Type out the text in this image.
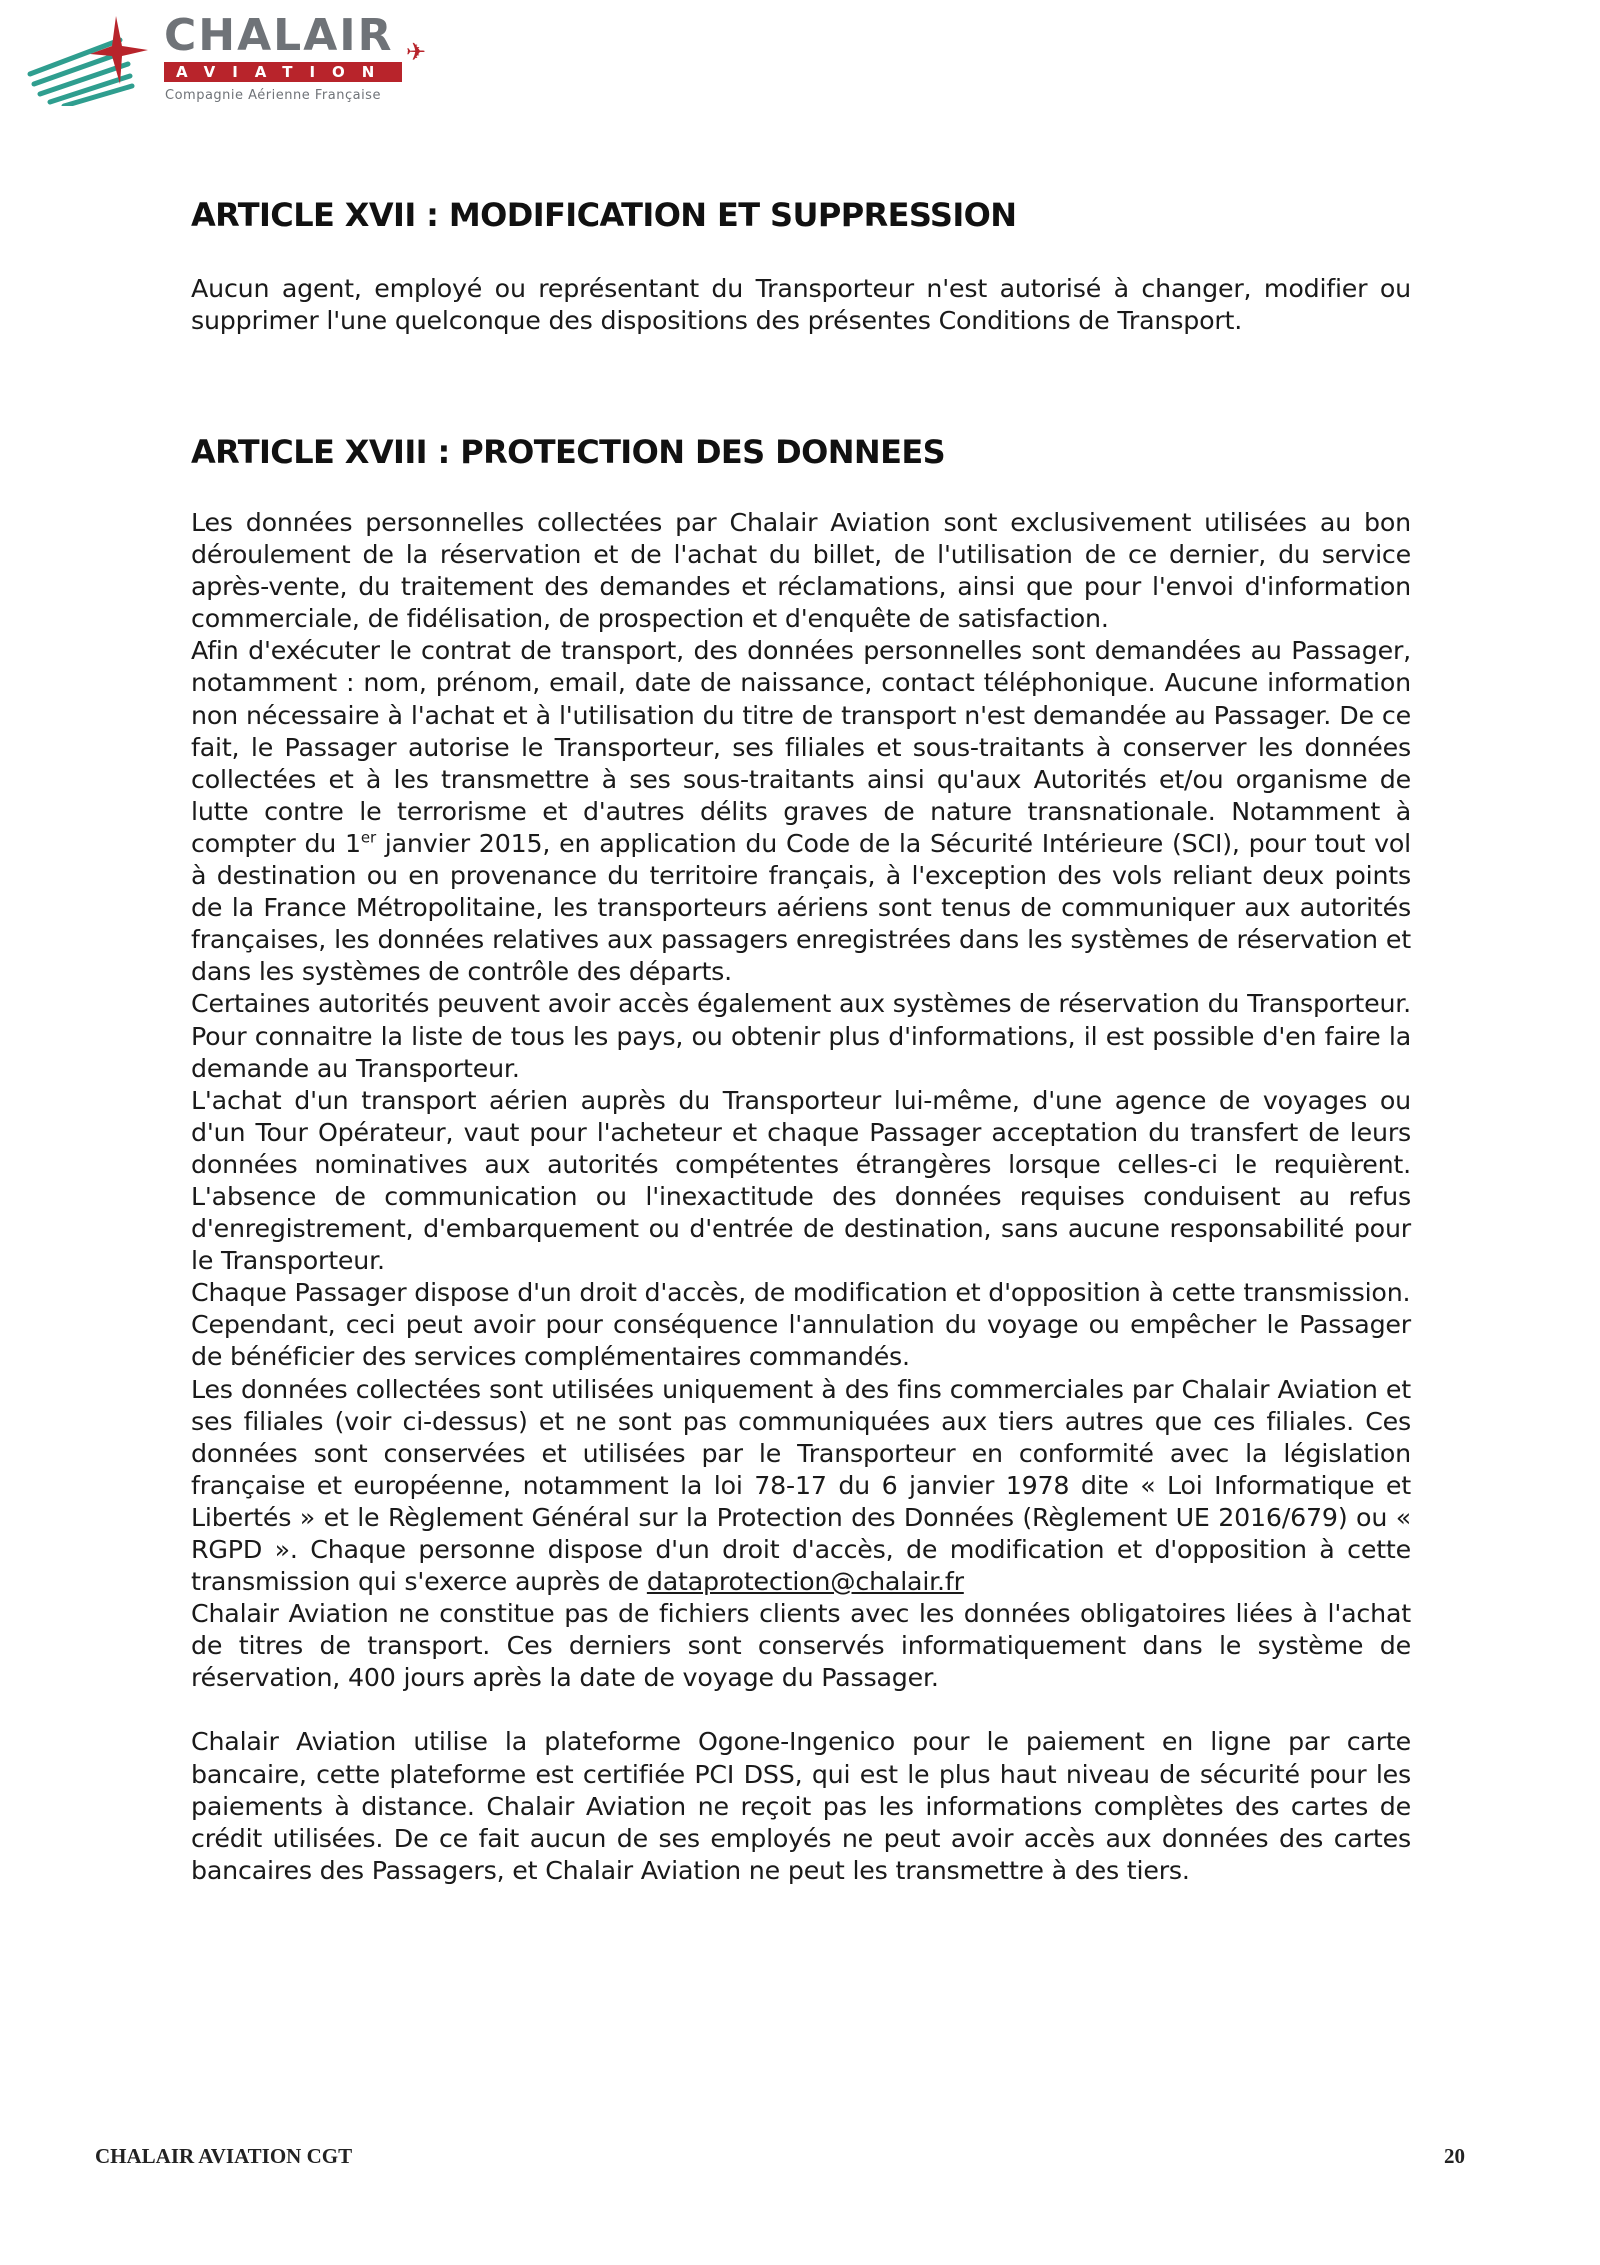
CHALAIR
AVIATION
Compagnie Aérienne Française
✈
ARTICLE XVII : MODIFICATION ET SUPPRESSION

Aucun agent, employé ou représentant du Transporteur n'est autorisé à changer, modifier ou supprimer l'une quelconque des dispositions des présentes Conditions de Transport.

ARTICLE XVIII : PROTECTION DES DONNEES

Les données personnelles collectées par Chalair Aviation sont exclusivement utilisées au bon déroulement de la réservation et de l'achat du billet, de l'utilisation de ce dernier, du service après-vente, du traitement des demandes et réclamations, ainsi que pour l'envoi d'information commerciale, de fidélisation, de prospection et d'enquête de satisfaction.

Afin d'exécuter le contrat de transport, des données personnelles sont demandées au Passager, notamment : nom, prénom, email, date de naissance, contact téléphonique. Aucune information non nécessaire à l'achat et à l'utilisation du titre de transport n'est demandée au Passager. De ce fait, le Passager autorise le Transporteur, ses filiales et sous-traitants à conserver les données collectées et à les transmettre à ses sous-traitants ainsi qu'aux Autorités et/ou organisme de lutte contre le terrorisme et d'autres délits graves de nature transnationale. Notamment à compter du 1er janvier 2015, en application du Code de la Sécurité Intérieure (SCI), pour tout vol à destination ou en provenance du territoire français, à l'exception des vols reliant deux points de la France Métropolitaine, les transporteurs aériens sont tenus de communiquer aux autorités françaises, les données relatives aux passagers enregistrées dans les systèmes de réservation et dans les systèmes de contrôle des départs.

Certaines autorités peuvent avoir accès également aux systèmes de réservation du Transporteur. Pour connaitre la liste de tous les pays, ou obtenir plus d'informations, il est possible d'en faire la demande au Transporteur.

L'achat d'un transport aérien auprès du Transporteur lui-même, d'une agence de voyages ou d'un Tour Opérateur, vaut pour l'acheteur et chaque Passager acceptation du transfert de leurs données nominatives aux autorités compétentes étrangères lorsque celles-ci le requièrent. L'absence de communication ou l'inexactitude des données requises conduisent au refus d'enregistrement, d'embarquement ou d'entrée de destination, sans aucune responsabilité pour le Transporteur.

Chaque Passager dispose d'un droit d'accès, de modification et d'opposition à cette transmission.

Cependant, ceci peut avoir pour conséquence l'annulation du voyage ou empêcher le Passager de bénéficier des services complémentaires commandés.

Les données collectées sont utilisées uniquement à des fins commerciales par Chalair Aviation et ses filiales (voir ci-dessus) et ne sont pas communiquées aux tiers autres que ces filiales. Ces données sont conservées et utilisées par le Transporteur en conformité avec la législation française et européenne, notamment la loi 78-17 du 6 janvier 1978 dite « Loi Informatique et Libertés » et le Règlement Général sur la Protection des Données (Règlement UE 2016/679) ou « RGPD ». Chaque personne dispose d'un droit d'accès, de modification et d'opposition à cette transmission qui s'exerce auprès de dataprotection@chalair.fr

Chalair Aviation ne constitue pas de fichiers clients avec les données obligatoires liées à l'achat de titres de transport. Ces derniers sont conservés informatiquement dans le système de réservation, 400 jours après la date de voyage du Passager.

Chalair Aviation utilise la plateforme Ogone-Ingenico pour le paiement en ligne par carte bancaire, cette plateforme est certifiée PCI DSS, qui est le plus haut niveau de sécurité pour les paiements à distance. Chalair Aviation ne reçoit pas les informations complètes des cartes de crédit utilisées. De ce fait aucun de ses employés ne peut avoir accès aux données des cartes bancaires des Passagers, et Chalair Aviation ne peut les transmettre à des tiers.

CHALAIR AVIATION CGT	20
